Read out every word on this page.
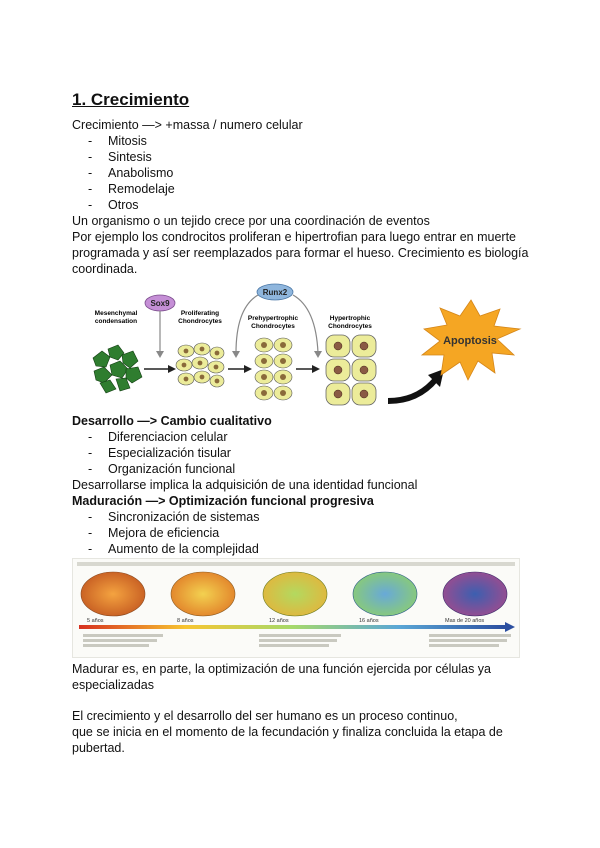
1. Crecimiento
Crecimiento —> +massa / numero celular
- Mitosis
- Sintesis
- Anabolismo
- Remodelaje
- Otros
Un organismo o un tejido crece por una coordinación de eventos
Por ejemplo los condrocitos proliferan e hipertrofian para luego entrar en muerte
programada y así ser reemplazados para formar el hueso. Crecimiento es biología
coordinada.
Sox9
Runx2
Mesenchymal
condensation
Proliferating
Chondrocytes	Prehypertrophic
Chondrocytes
Hypertrophic
Chondrocytes
Apoptosis
Desarrollo —> Cambio cualitativo
- Diferenciacion celular
- Especialización tisular
- Organización funcional
Desarrollarse implica la adquisición de una identidad funcional
Maduración —> Optimización funcional progresiva
- Sincronización de sistemas
- Mejora de eficiencia
- Aumento de la complejidad
5 años	8 años	12 años	16 años	Mas de 20 años
Madurar es, en parte, la optimización de una función ejercida por células ya
especializadas
El crecimiento y el desarrollo del ser humano es un proceso continuo,
que se inicia en el momento de la fecundación y finaliza concluida la etapa de
pubertad.
